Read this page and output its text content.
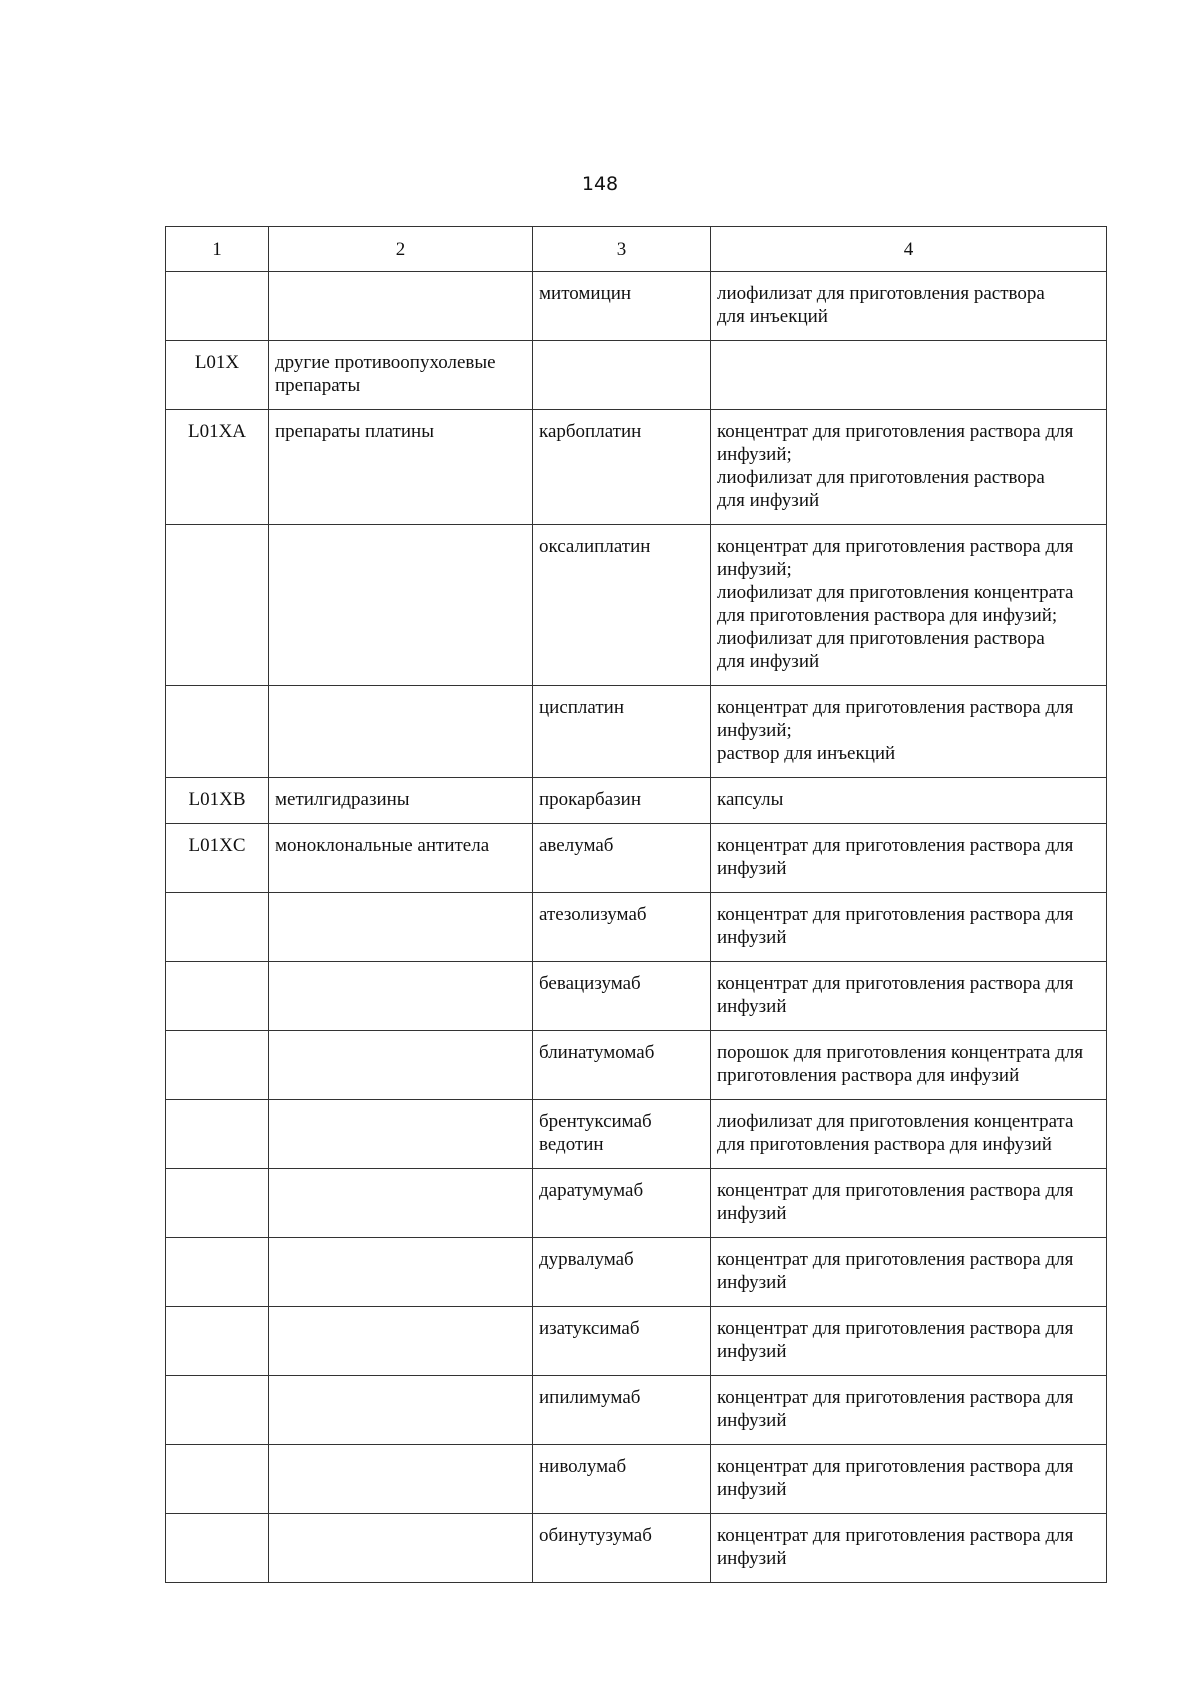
148
1	2	3	4
		митомицин	лиофилизат для приготовления раствора
для инъекций

L01X	другие противоопухолевые препараты		
L01XA	препараты платины	карбоплатин	концентрат для приготовления раствора для инфузий;
лиофилизат для приготовления раствора
для инфузий

		оксалиплатин	концентрат для приготовления раствора для инфузий;
лиофилизат для приготовления концентрата для приготовления раствора для инфузий;
лиофилизат для приготовления раствора
для инфузий

		цисплатин	концентрат для приготовления раствора для инфузий;
раствор для инъекций

L01XB	метилгидразины	прокарбазин	капсулы

L01XC	моноклональные антитела	авелумаб	концентрат для приготовления раствора для инфузий

		атезолизумаб	концентрат для приготовления раствора для инфузий

		бевацизумаб	концентрат для приготовления раствора для инфузий

		блинатумомаб	порошок для приготовления концентрата для приготовления раствора для инфузий

		брентуксимаб ведотин	лиофилизат для приготовления концентрата для приготовления раствора для инфузий

		даратумумаб	концентрат для приготовления раствора для инфузий

		дурвалумаб	концентрат для приготовления раствора для инфузий

		изатуксимаб	концентрат для приготовления раствора для инфузий

		ипилимумаб	концентрат для приготовления раствора для инфузий

		ниволумаб	концентрат для приготовления раствора для инфузий

		обинутузумаб	концентрат для приготовления раствора для инфузий
